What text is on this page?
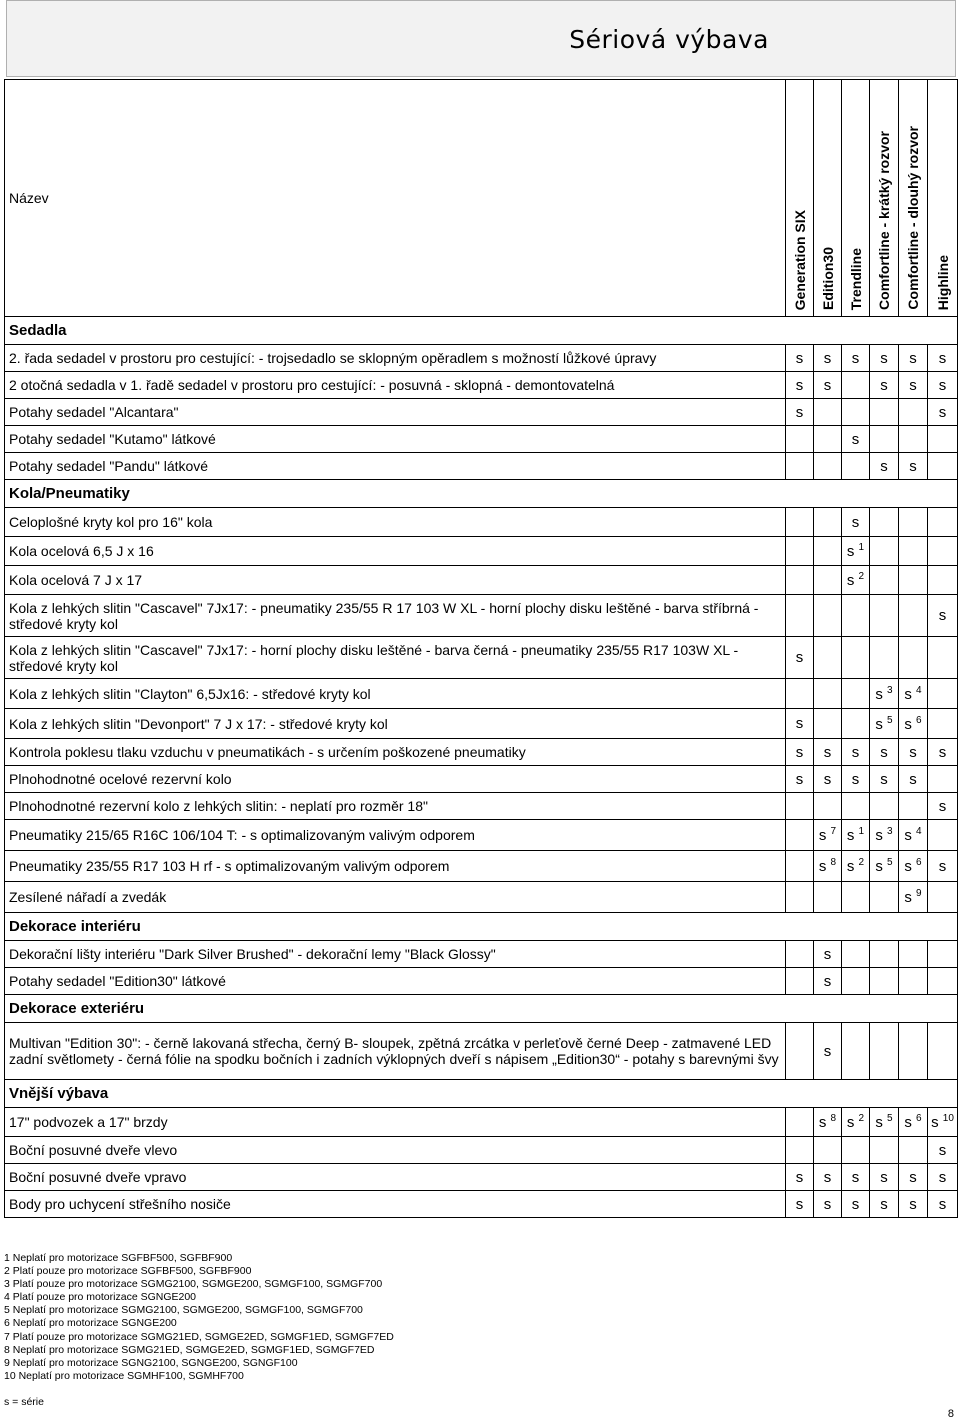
Sériová výbava
Název	Generation SIX	Edition30	Trendline	Comfortline - krátký rozvor	Comfortline - dlouhý rozvor	Highline

Sedadla						
2. řada sedadel v prostoru pro cestující: - trojsedadlo se sklopným opěradlem s možností lůžkové úpravy	s	s	s	s	s	s
2 otočná sedadla v 1. řadě sedadel v prostoru pro cestující: - posuvná - sklopná - demontovatelná	s	s		s	s	s
Potahy sedadel "Alcantara"	s					s
Potahy sedadel "Kutamo" látkové			s			
Potahy sedadel "Pandu" látkové				s	s	
Kola/Pneumatiky						
Celoplošné kryty kol pro 16" kola			s			
Kola ocelová 6,5 J x 16			s $^1$			
Kola ocelová 7 J x 17			s $^2$			
Kola z lehkých slitin "Cascavel" 7Jx17: - pneumatiky 235/55 R 17 103 W XL - horní plochy disku leštěné - barva stříbrná - středové kryty kol						s
Kola z lehkých slitin "Cascavel" 7Jx17: - horní plochy disku leštěné - barva černá - pneumatiky 235/55 R17 103W XL - středové kryty kol	s					
Kola z lehkých slitin "Clayton" 6,5Jx16: - středové kryty kol				s $^3$	s $^4$	
Kola z lehkých slitin "Devonport" 7 J x 17: - středové kryty kol	s			s $^5$	s $^6$	
Kontrola poklesu tlaku vzduchu v pneumatikách - s určením poškozené pneumatiky	s	s	s	s	s	s
Plnohodnotné ocelové rezervní kolo	s	s	s	s	s	
Plnohodnotné rezervní kolo z lehkých slitin: - neplatí pro rozměr 18"						s
Pneumatiky 215/65 R16C 106/104 T: - s optimalizovaným valivým odporem		s $^7$	s $^1$	s $^3$	s $^4$	
Pneumatiky 235/55 R17 103 H rf - s optimalizovaným valivým odporem		s $^8$	s $^2$	s $^5$	s $^6$	s
Zesílené nářadí a zvedák					s $^9$	
Dekorace interiéru						
Dekorační lišty interiéru "Dark Silver Brushed" - dekorační lemy "Black Glossy"		s				
Potahy sedadel "Edition30" látkové		s				
Dekorace exteriéru						
Multivan "Edition 30": - černě lakovaná střecha, černý B- sloupek, zpětná zrcátka v perleťově černé Deep - zatmavené LED zadní světlomety - černá fólie na spodku bočních i zadních výklopných dveří s nápisem „Edition30“ - potahy s barevnými švy		s				
Vnější výbava						
17" podvozek a 17" brzdy		s $^8$	s $^2$	s $^5$	s $^6$	s $^{10}$
Boční posuvné dveře vlevo						s
Boční posuvné dveře vpravo	s	s	s	s	s	s
Body pro uchycení střešního nosiče	s	s	s	s	s	s
1 Neplatí pro motorizace SGFBF500, SGFBF900
2 Platí pouze pro motorizace SGFBF500, SGFBF900
3 Platí pouze pro motorizace SGMG2100, SGMGE200, SGMGF100, SGMGF700
4 Platí pouze pro motorizace SGNGE200
5 Neplatí pro motorizace SGMG2100, SGMGE200, SGMGF100, SGMGF700
6 Neplatí pro motorizace SGNGE200
7 Platí pouze pro motorizace SGMG21ED, SGMGE2ED, SGMGF1ED, SGMGF7ED
8 Neplatí pro motorizace SGMG21ED, SGMGE2ED, SGMGF1ED, SGMGF7ED
9 Neplatí pro motorizace SGNG2100, SGNGE200, SGNGF100
10 Neplatí pro motorizace SGMHF100, SGMHF700
s = série
8
